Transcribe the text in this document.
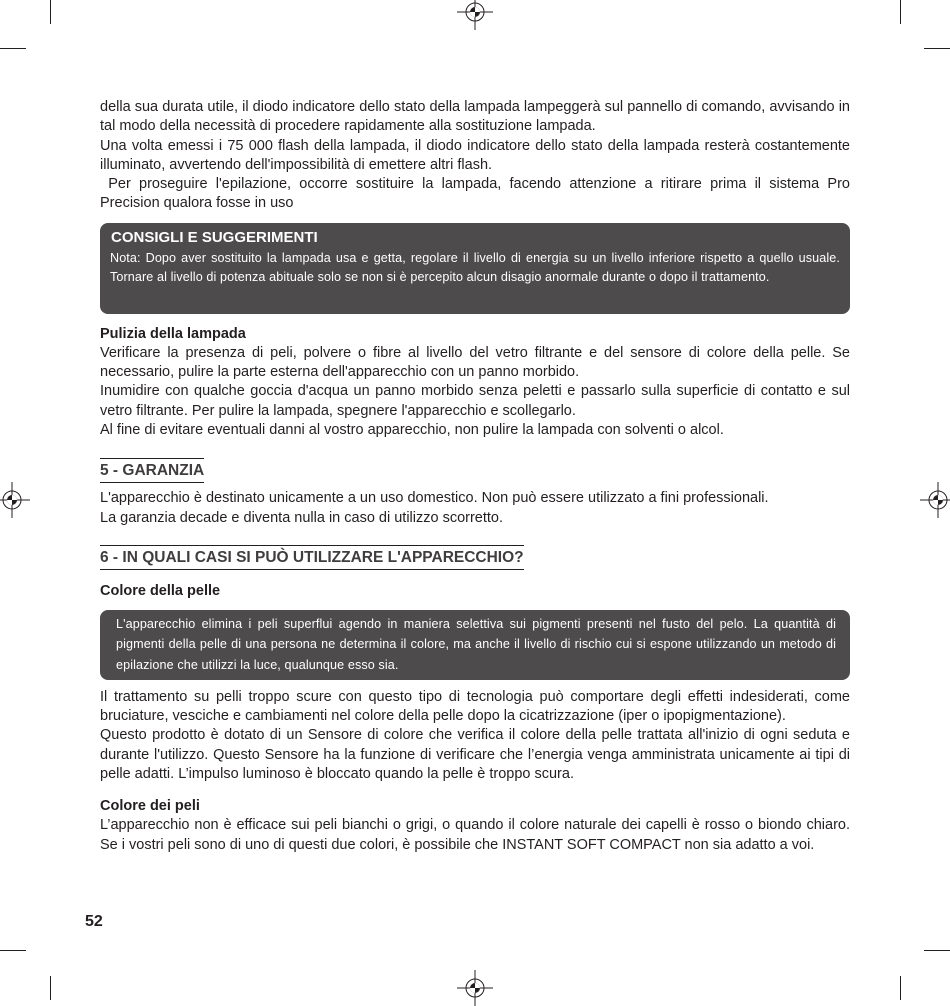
della sua durata utile, il diodo indicatore dello stato della lampada lampeggerà sul pannello di comando, avvisando in tal modo della necessità di procedere rapidamente alla sostituzione lampada.

Una volta emessi i 75 000 flash della lampada, il diodo indicatore dello stato della lampada resterà costantemente illuminato, avvertendo dell'impossibilità di emettere altri flash.

Per proseguire l'epilazione, occorre sostituire la lampada, facendo attenzione a ritirare prima il sistema Pro Precision qualora fosse in uso

CONSIGLI E SUGGERIMENTI

Nota: Dopo aver sostituito la lampada usa e getta, regolare il livello di energia su un livello inferiore rispetto a quello usuale. Tornare al livello di potenza abituale solo se non si è percepito alcun disagio anormale durante o dopo il trattamento.

Pulizia della lampada

Verificare la presenza di peli, polvere o fibre al livello del vetro filtrante e del sensore di colore della pelle. Se necessario, pulire la parte esterna dell'apparecchio con un panno morbido.

Inumidire con qualche goccia d'acqua un panno morbido senza peletti e passarlo sulla superficie di contatto e sul vetro filtrante. Per pulire la lampada, spegnere l'apparecchio e scollegarlo.

Al fine di evitare eventuali danni al vostro apparecchio, non pulire la lampada con solventi o alcol.

5 - GARANZIA

L'apparecchio è destinato unicamente a un uso domestico. Non può essere utilizzato a fini professionali.

La garanzia decade e diventa nulla in caso di utilizzo scorretto.

6 - IN QUALI CASI SI PUÒ UTILIZZARE L'APPARECCHIO?

Colore della pelle

L'apparecchio elimina i peli superflui agendo in maniera selettiva sui pigmenti presenti nel fusto del pelo. La quantità di pigmenti della pelle di una persona ne determina il colore, ma anche il livello di rischio cui si espone utilizzando un metodo di epilazione che utilizzi la luce, qualunque esso sia.

Il trattamento su pelli troppo scure con questo tipo di tecnologia può comportare degli effetti indesiderati, come bruciature, vesciche e cambiamenti nel colore della pelle dopo la cicatrizzazione (iper o ipopigmentazione).

Questo prodotto è dotato di un Sensore di colore che verifica il colore della pelle trattata all'inizio di ogni seduta e durante l'utilizzo. Questo Sensore ha la funzione di verificare che l’energia venga amministrata unicamente ai tipi di pelle adatti. L’impulso luminoso è bloccato quando la pelle è troppo scura.

Colore dei peli

L’apparecchio non è efficace sui peli bianchi o grigi, o quando il colore naturale dei capelli è rosso o biondo chiaro. Se i vostri peli sono di uno di questi due colori, è possibile che INSTANT SOFT COMPACT non sia adatto a voi.

52
